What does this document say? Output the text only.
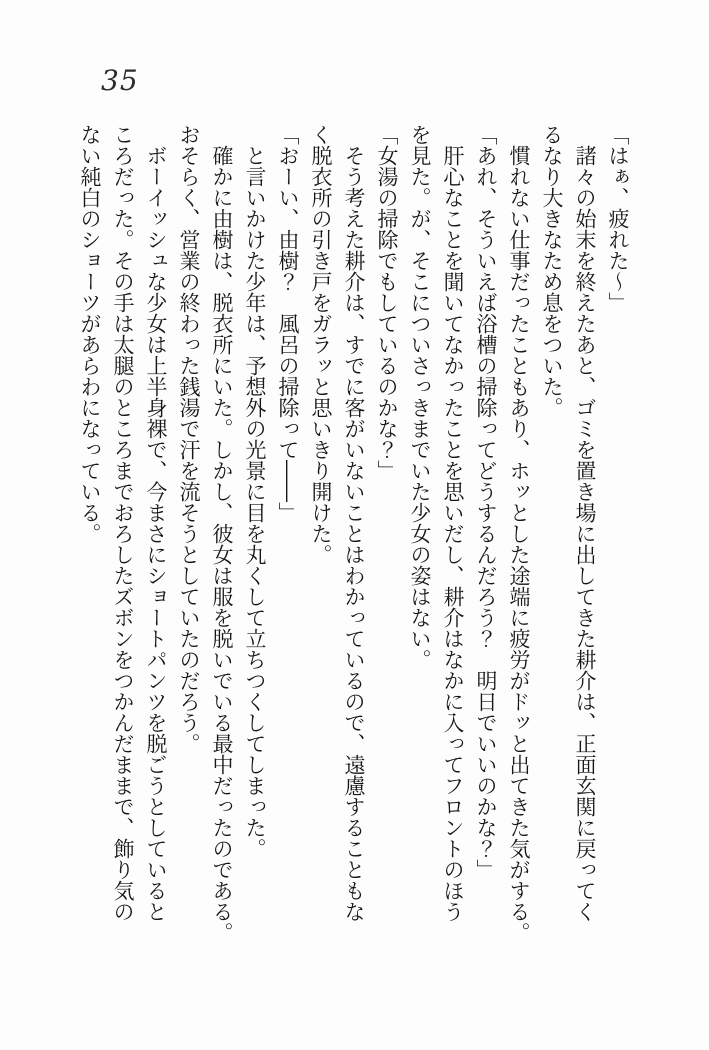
35
「はぁ、疲れた〜」
諸々の始末を終えたあと、ゴミを置き場に出してきた耕介は、正面玄関に戻ってく
るなり大きなため息をついた。
慣れない仕事だったこともあり、ホッとした途端に疲労がドッと出てきた気がする。
「あれ、そういえば浴槽の掃除ってどうするんだろう？　明日でいいのかな？」
肝心なことを聞いてなかったことを思いだし、耕介はなかに入ってフロントのほう
を見た。が、そこについさっきまでいた少女の姿はない。
「女湯の掃除でもしているのかな？」
そう考えた耕介は、すでに客がいないことはわかっているので、遠慮することもな
く脱衣所の引き戸をガラッと思いきり開けた。
「おーい、由樹？　風呂の掃除って――」
と言いかけた少年は、予想外の光景に目を丸くして立ちつくしてしまった。
確かに由樹は、脱衣所にいた。しかし、彼女は服を脱いでいる最中だったのである。
おそらく、営業の終わった銭湯で汗を流そうとしていたのだろう。
ボーイッシュな少女は上半身裸で、今まさにショートパンツを脱ごうとしていると
ころだった。その手は太腿のところまでおろしたズボンをつかんだままで、飾り気の
ない純白のショーツがあらわになっている。
